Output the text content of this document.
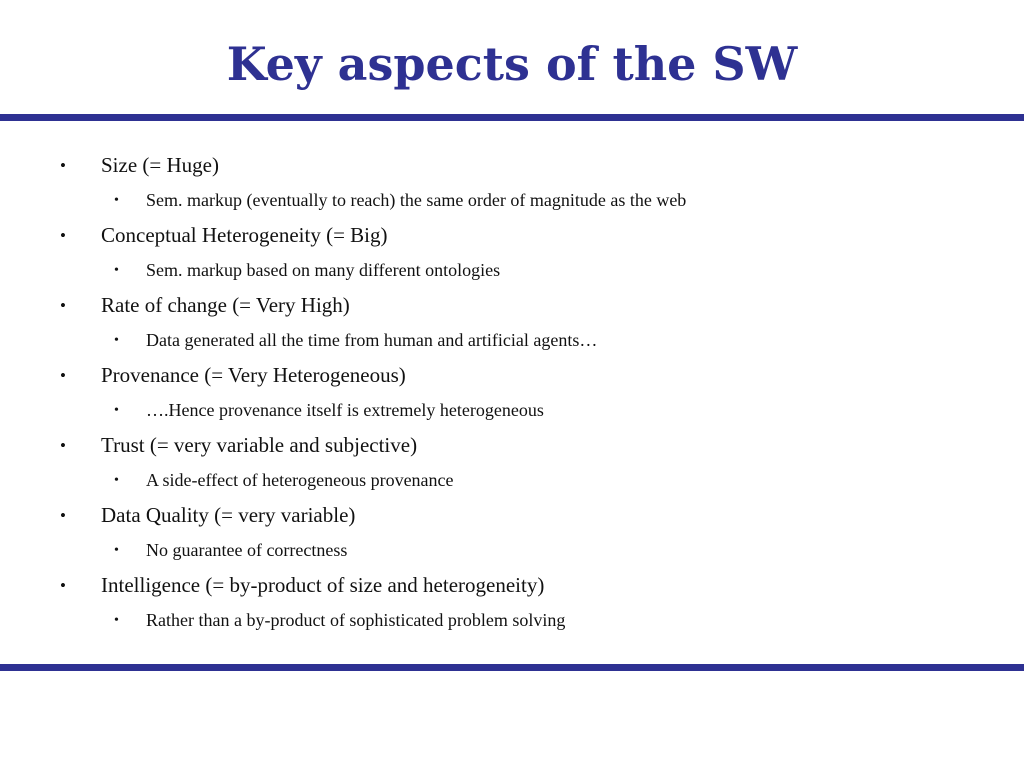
Key aspects of the SW
• Size (= Huge)
• Sem. markup (eventually to reach) the same order of magnitude as the web
• Conceptual Heterogeneity (= Big)
• Sem. markup based on many different ontologies
• Rate of change (= Very High)
• Data generated all the time from human and artificial agents…
• Provenance (= Very Heterogeneous)
• ….Hence provenance itself is extremely heterogeneous
• Trust (= very variable and subjective)
• A side-effect of heterogeneous provenance
• Data Quality (= very variable)
• No guarantee of correctness
• Intelligence (= by-product of size and heterogeneity)
• Rather than a by-product of sophisticated problem solving
